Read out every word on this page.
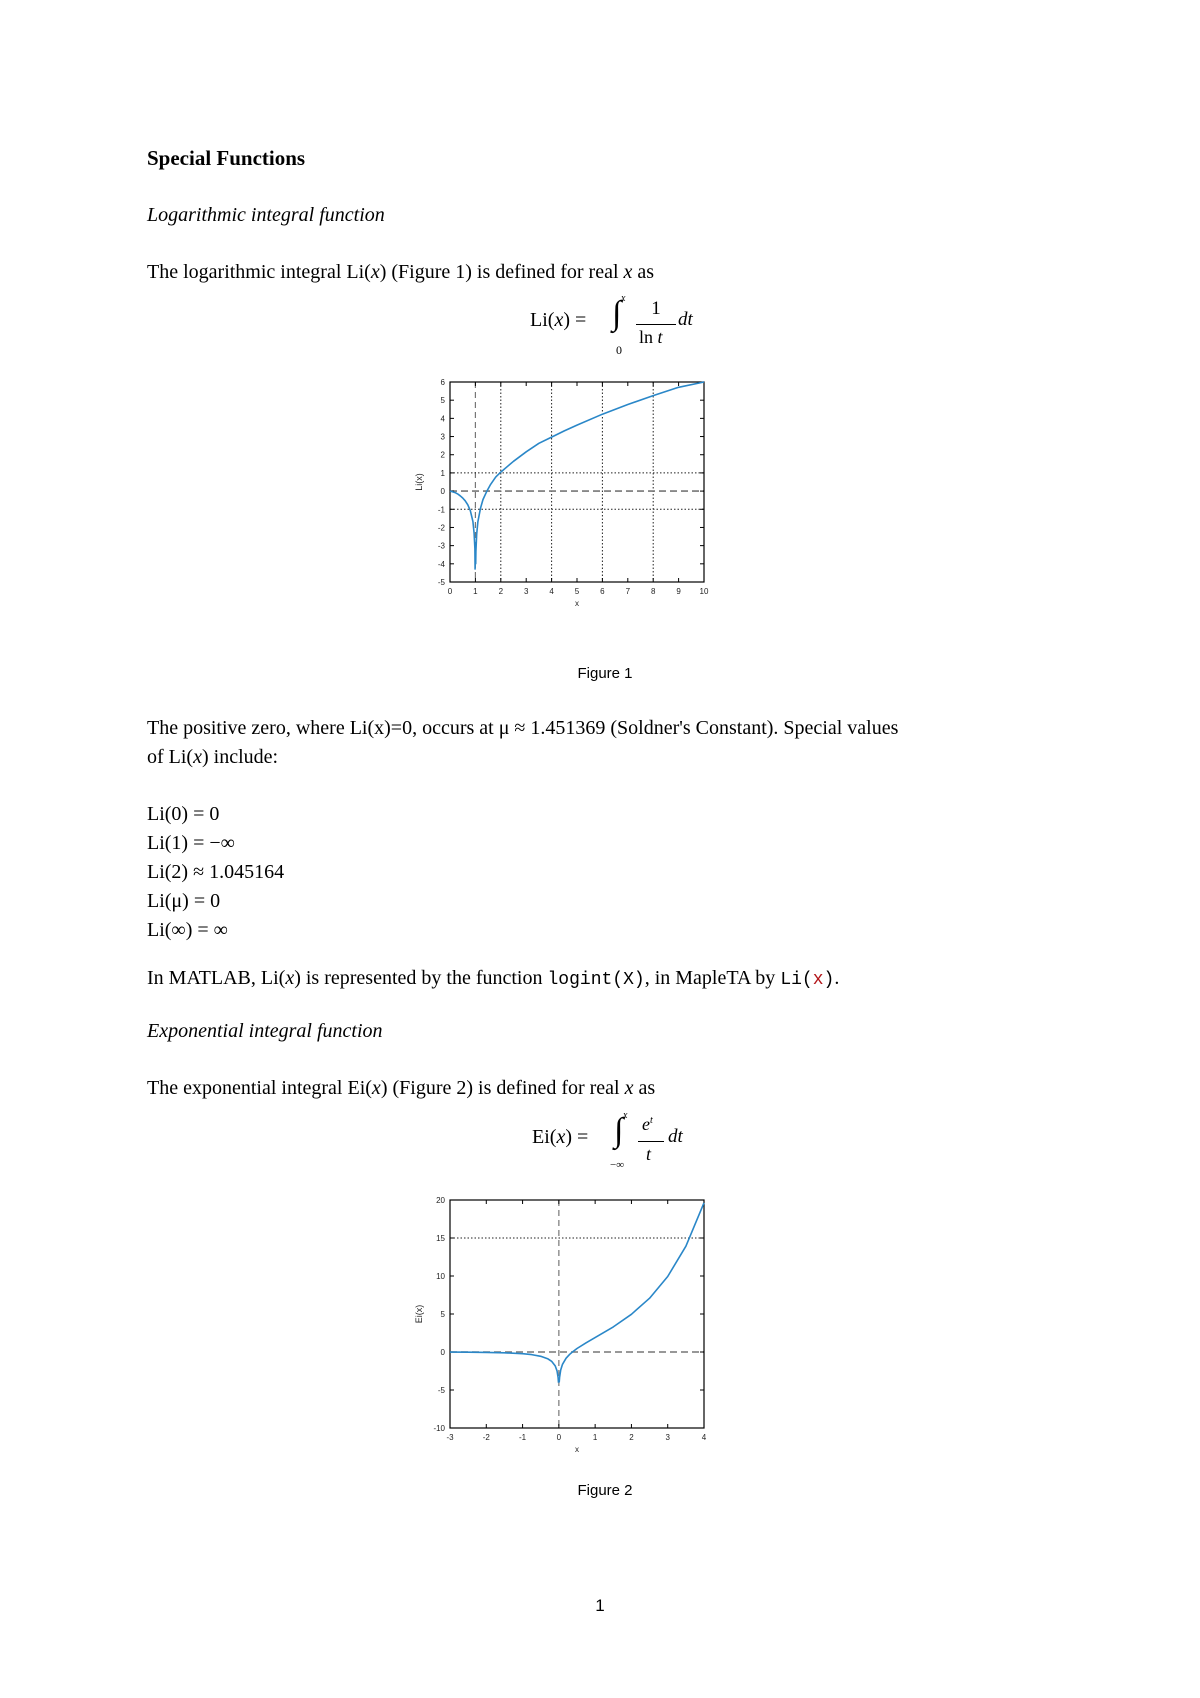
Special Functions
Logarithmic integral function
The logarithmic integral Li(x) (Figure 1) is defined for real x as
Li(x) = ∫ x
0
1
ln t
dt
0	1	2	3	4	5	6	7	8	9 10
-5
-4
-3
-2
-1
0
1
2
3
4
5
6
x
Li(x)
Figure 1
The positive zero, where Li(x)=0, occurs at μ ≈ 1.451369 (Soldner's Constant). Special values
of Li(x) include:
Li(0) = 0
Li(1) = −∞
Li(2) ≈ 1.045164
Li(μ) = 0
Li(∞) = ∞
In MATLAB, Li(x) is represented by the function logint(X), in MapleTA by Li(x).
Exponential integral function
The exponential integral Ei(x) (Figure 2) is defined for real x as
Ei(x) = ∫ x
−∞
$e^t$
t
dt
-3	-2	-1	0	1	2	3	4
-10
-5
0
5
10
15
20
x
Ei(x)
Figure 2
1
